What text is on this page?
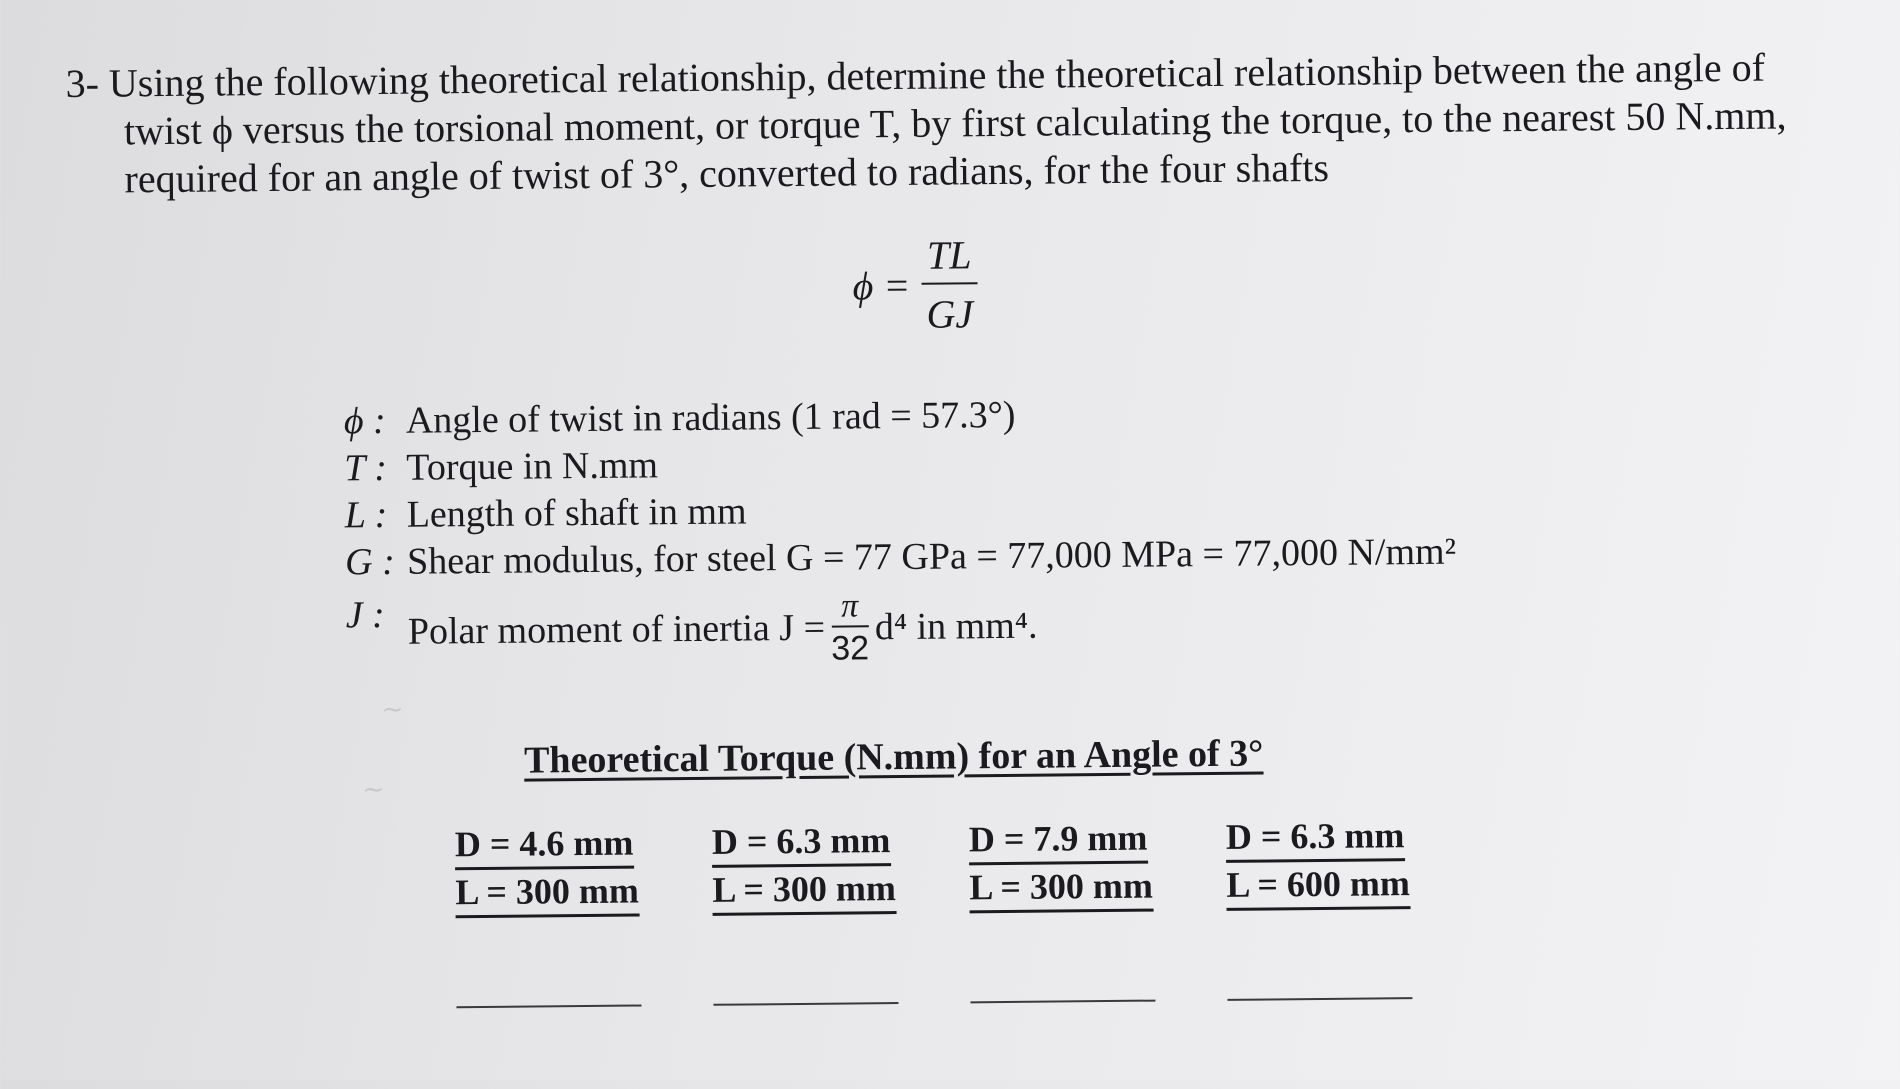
3- Using the following theoretical relationship, determine the theoretical relationship between the angle of
twist ϕ versus the torsional moment, or torque T, by first calculating the torque, to the nearest 50 N.mm,
required for an angle of twist of 3°, converted to radians, for the four shafts
$\phi = \frac{TL}{GJ}$
ϕ : Angle of twist in radians (1 rad = 57.3°)
T : Torque in N.mm
L : Length of shaft in mm
G : Shear modulus, for steel G = 77 GPa = 77,000 MPa = 77,000 N/mm²
J : Polar moment of inertia $J = \frac{\pi}{32} d^4$ in mm⁴.
Theoretical Torque (N.mm) for an Angle of 3°
D = 4.6 mm
L = 300 mm
D = 6.3 mm
L = 300 mm
D = 7.9 mm
L = 300 mm
D = 6.3 mm
L = 600 mm
~
~
